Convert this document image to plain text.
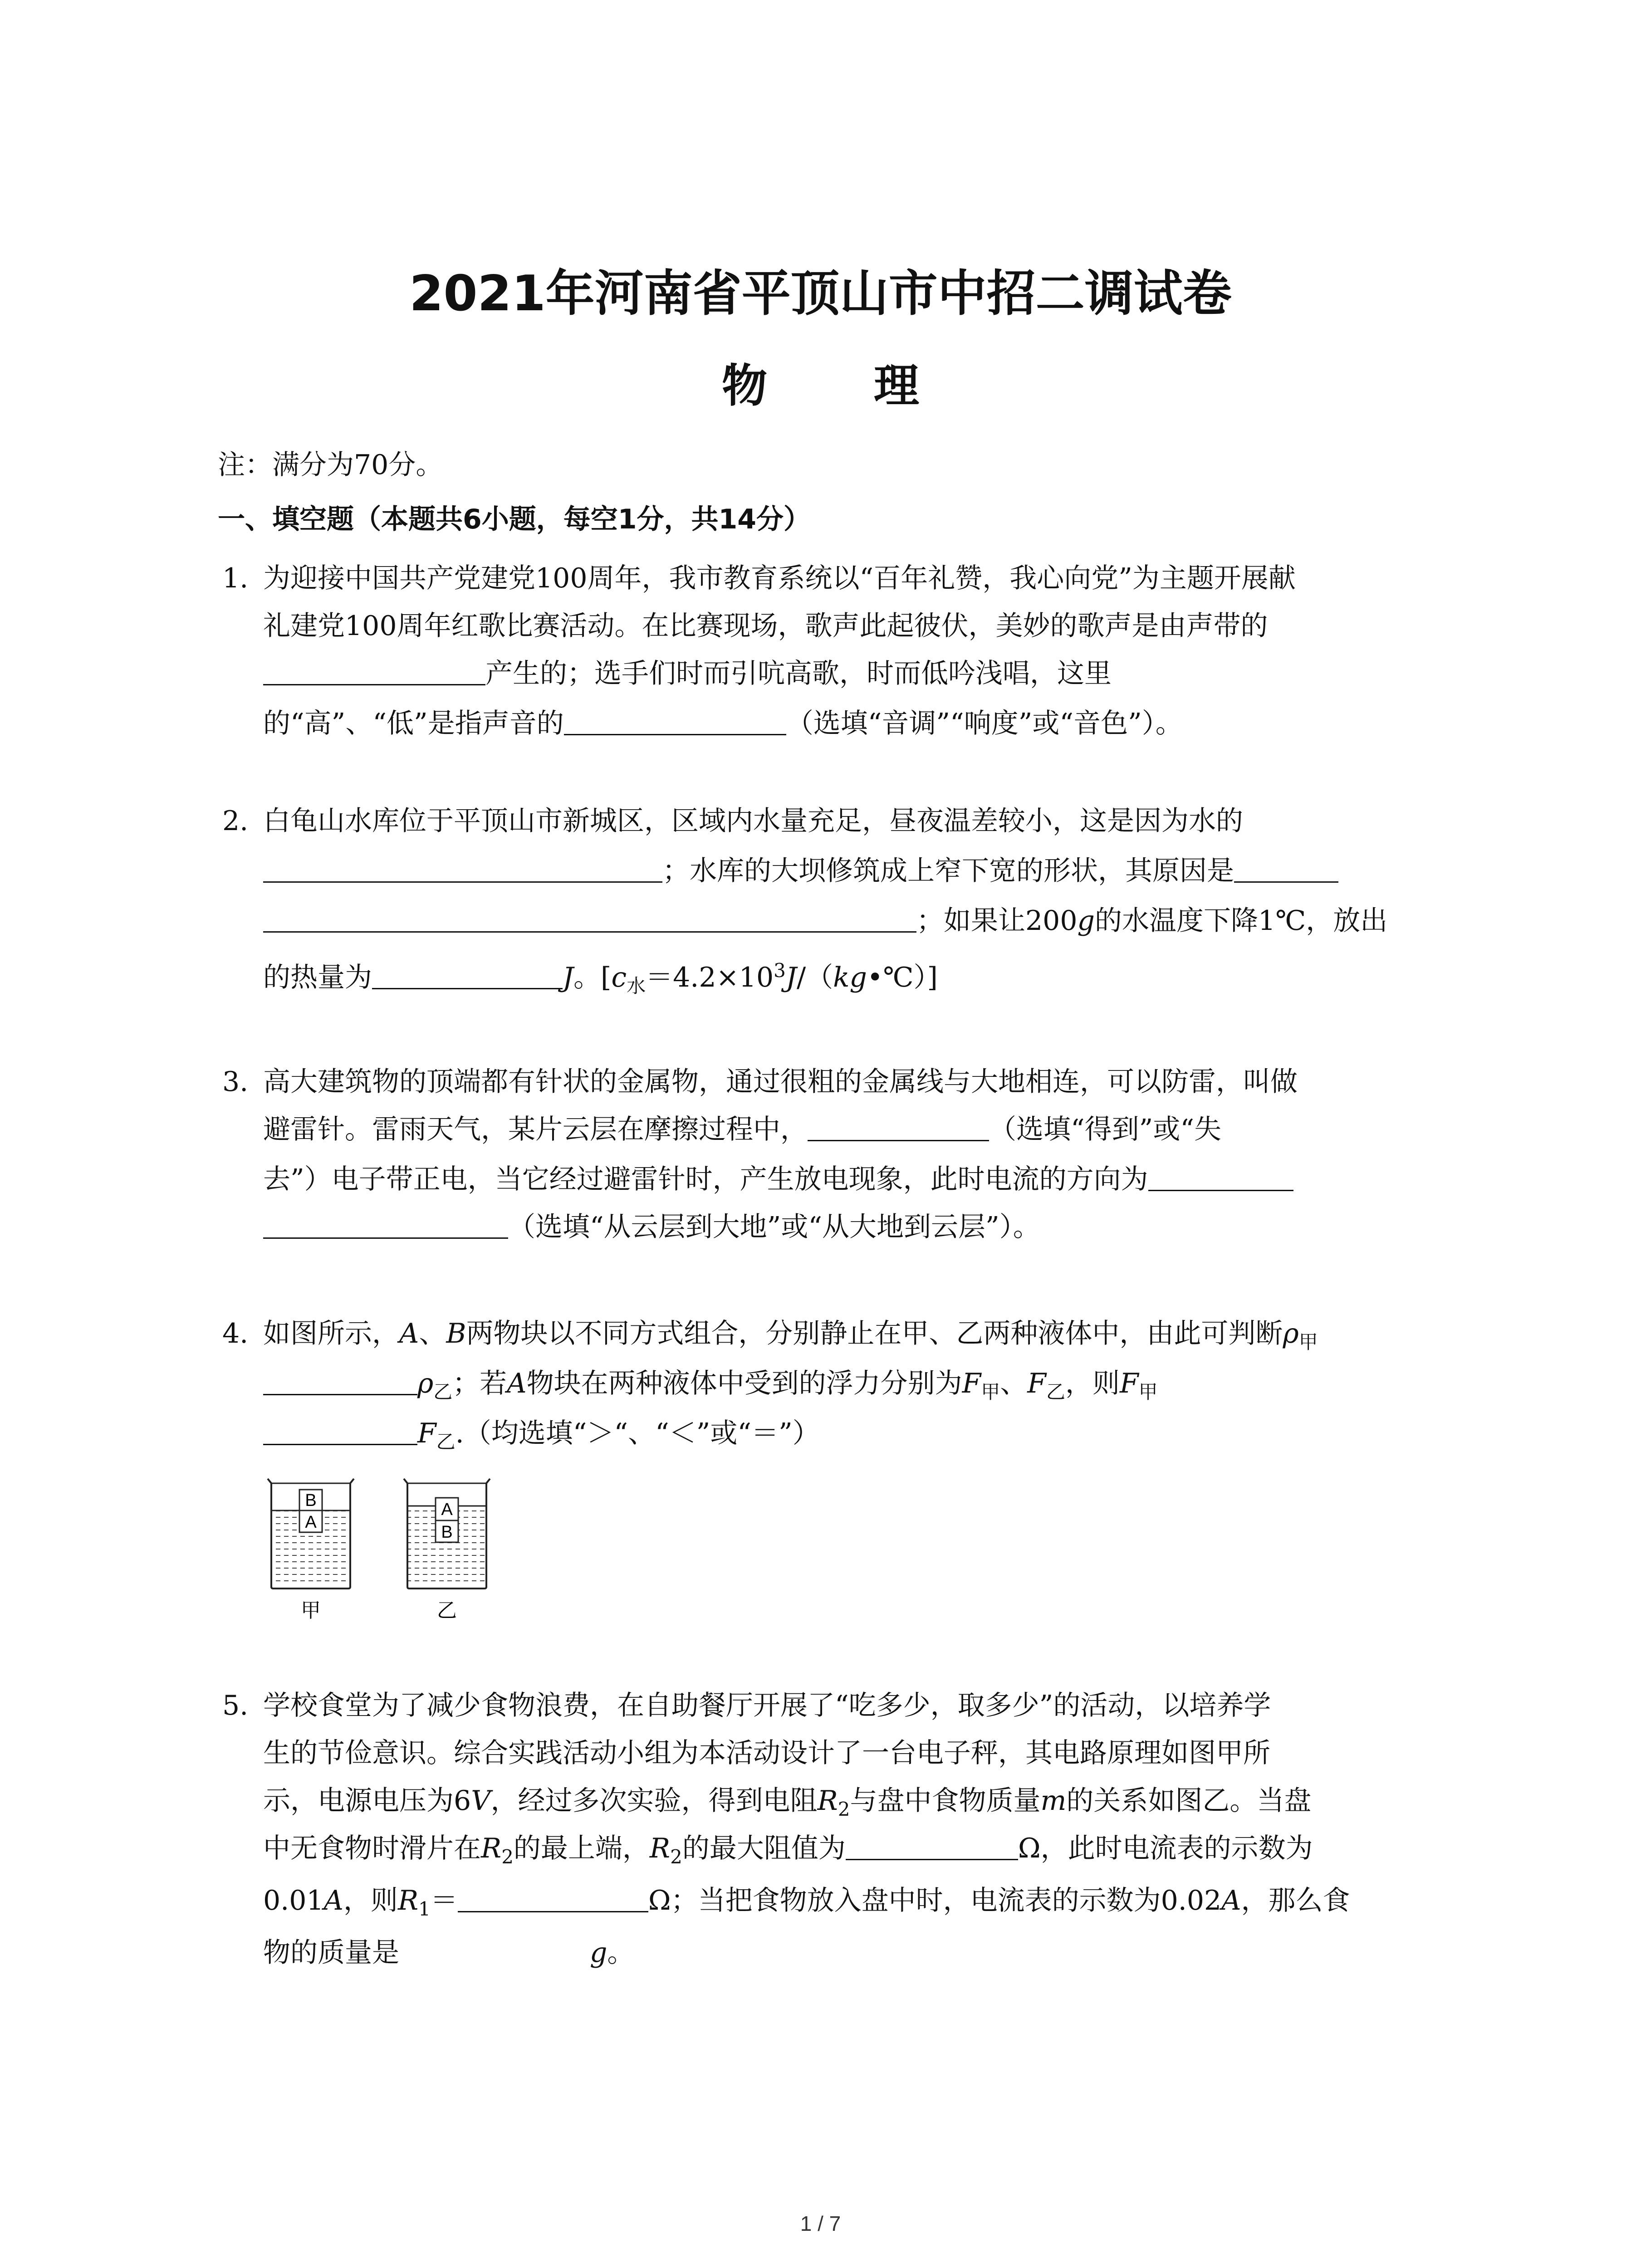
2021年河南省平顶山市中招二调试卷
物 理
注：满分为70分。
一、填空题（本题共6小题，每空1分，共14分）
1. 为迎接中国共产党建党100周年，我市教育系统以“百年礼赞，我心向党”为主题开展献
礼建党100周年红歌比赛活动。在比赛现场，歌声此起彼伏，美妙的歌声是由声带的
产生的；选手们时而引吭高歌，时而低吟浅唱，这里
的“高”、“低”是指声音的	（选填“音调”“响度”或“音色”）。
2. 白龟山水库位于平顶山市新城区，区域内水量充足，昼夜温差较小，这是因为水的
；水库的大坝修筑成上窄下宽的形状，其原因是
；如果让200g的水温度下降1℃，放出
的热量为	J。$[c_水=4.2\times 10^3J/(kg•℃)]$
3. 高大建筑物的顶端都有针状的金属物，通过很粗的金属线与大地相连，可以防雷，叫做
避雷针。雷雨天气，某片云层在摩擦过程中，	（选填“得到”或“失
去”）电子带正电，当它经过避雷针时，产生放电现象，此时电流的方向为
（选填“从云层到大地”或“从大地到云层”）。
4. 如图所示，A、B两物块以不同方式组合，分别静止在甲、乙两种液体中，由此可判断$\rho_甲$
$\rho_乙$；若A物块在两种液体中受到的浮力分别为$F_甲$、$F_乙$，则$F_甲$
$F_乙$.（均选填“＞“、“＜”或“＝”）
B
A
A
B
甲	乙
5. 学校食堂为了减少食物浪费，在自助餐厅开展了“吃多少，取多少”的活动，以培养学
生的节俭意识。综合实践活动小组为本活动设计了一台电子秤，其电路原理如图甲所
示，电源电压为6V，经过多次实验，得到电阻$R_2$与盘中食物质量m的关系如图乙。当盘
中无食物时滑片在$R_2$的最上端，$R_2$的最大阻值为	Ω，此时电流表的示数为
0.01A，则$R_1=$	Ω；当把食物放入盘中时，电流表的示数为0.02A，那么食
物的质量是	g。
1 / 7
